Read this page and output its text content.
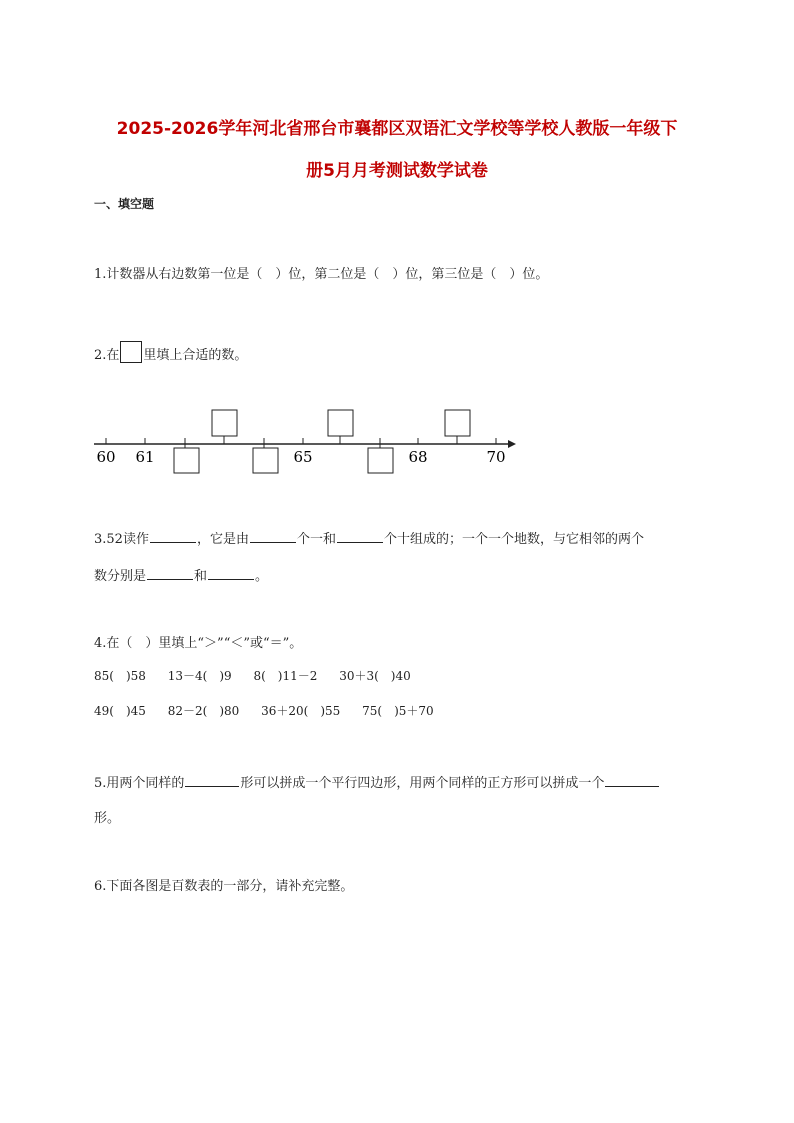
2025-2026学年河北省邢台市襄都区双语汇文学校等学校人教版一年级下
册5月月考测试数学试卷
一、填空题
1.计数器从右边数第一位是（　）位，第二位是（　）位，第三位是（　）位。
2.在 里填上合适的数。
60 61	65	68	70
3.52读作	，它是由	个一和	个十组成的；一个一个地数，与它相邻的两个
数分别是	和	。
4.在（　）里填上“＞”“＜”或“＝”。
85(　)58 13－4(　)9 8(　)11－2 30＋3(　)40
49(　)45 82－2(　)80 36＋20(　)55 75(　)5＋70
5.用两个同样的	形可以拼成一个平行四边形，用两个同样的正方形可以拼成一个
形。
6.下面各图是百数表的一部分，请补充完整。
